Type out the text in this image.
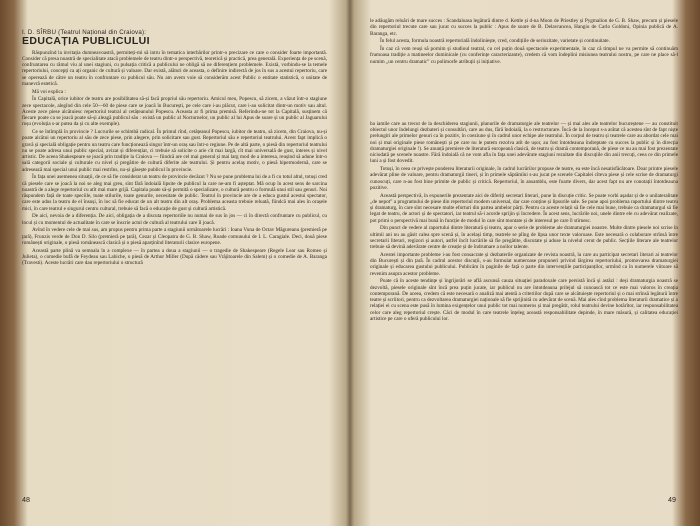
I. D. SÎRBU (Teatrul Național din Craiova):
EDUCAȚIA PUBLICULUI

Răspunzînd la invitația dumneavoastră, permiteți-mi să intru în tematica interbărilor printr-o precizare ce care o consider foarte importantă. Consider că presa noastră de specialitate atacă problemele de teatru dintr-o perspectivă, teoretică și practică, prea generală. Experiența de pe scenă, confruntarea cu rămul viu al unei stagiuni, cu pulsația critică a publicului ne obligă să ne diferențiem problemele. Există, vorbindu-se la temele repertoriului, concepți ca ați organic de cultură și valoare. Dar există, alături de aceasta, o definire indirectă de jos în sus a acestui repertoriu, care se operează de către un teatru în confruntare cu publicul său. Nu am avem voie să considerăm acest Public o entitate statistică, o unitate de manevră estetică.

Mă voi explica :

În Capitală, orice iubitor de teatru are posibilitatea să-și facă propriul său repertoriu. Amicul meu, Popescu, să zicem, a văzut într-o stagiune zece spectacole, alegînd din cele 50—60 de piese care se joacă în București, pe cele care i-au plăcut, care i-au solicitat dintr-un motiv sau altul. Aceste zece piese alcătuiesc repertoriul teatral al cetățeanului Popescu. Aceasta ar fi prima premisă. Referindu-ne tot la Capitală, susținem că fiecare poate ca se joacă poate să-și aleagă publicul său : există un public al Nocturnelor, un public al lui Apus de soare și un public al Jaguarului roșu (evoluția s-ar putea da și cu alte exemple).

Ce se întîmplă în provincie ? Lucrurile se schimbă radical. În primul rînd, cetățeanul Popescu, iubitor de teatru, să zicem, din Craiova, nu-și poate alcătui un repertoriu al său de zece piese, prin alegere, prin solicitare sau gust. Repertoriul său e repertoriul teatrului. Acest fapt implică o gravă și specială obligație pentru un teatru care funcționează singur într-un oraș sau într-o regiune. Pe de altă parte, o piesă din repertoriul teatrului nu se poate adresa unui public special, avizat și diferențiat, ci trebuie să solicite o arie cît mai largă, cît mai universală de gust, interes și nivel artistic. De aceea Shakespeare se joacă prin tradiție la Craiova — fiindcă are cel mai general și mai larg mod de a interesa, reușind să adune într-o sală categorii sociale și culturale cu nivel și pregătire de cultură diferite ale teatrului. Și pentru acelaș motiv, o piesă hipermodernă, care se adresează mai special unui public mai restrîns, nu-și găsește publicul în provincie.

În fața unei asemenea situații, de ce să fie considerat un teatru de provincie decăzut ? Nu se pune problema lui de a fi cu totul altul, totuși cred că piesele care se joacă la noi se aleg mai greu, sînt fără îndoială lipsite de publicul la care ne-am fi așteptat. Mă ocup în acest sens de sarcina noastră de a alege repertoriul cu atît mai mare grijă. Capitala poate să-și permită o specializare, o cultură pentru o formulă unui stil sau genuri. Noi răspundem față de toate speciile, toate stilurile, toate genurile, necesitate de public. Teatrul în provincie are de a educa gustul acestui spectator, care este adus la teatru de el însuși, în loc să fie educat de un alt teatru din alt oraș. Problema aceasta trebuie reluată, fiindcă mai ales în orașele mici, în care teatrul e singurul centru cultural, trebuie să facă o educație de gust și cultură artistică.

De aici, nevoia de a diferenția. De aici, obligația de a discuta repertoriile nu numai de sus în jos — ci în directă confruntare cu publicul, cu locul și cu momentul de actualitate în care se înscrie actul de cultură al teatrului care îl joacă.

Avînd în vedere cele de mai sus, am propus pentru prima parte a stagiunii următoarele lucrări : Ioana Vuna de Octav Măgureanu (premieră pe țară), Frunzis verde de Don D. Silo (premieră pe țară), Cezar și Cleopatra de G. B. Shaw, Roade comunului de I. L. Caragiale. Deci, două piese românești originale, o piesă românească clasică și o piesă aparținînd literaturii clasice europene.

Această parte plină va semnala în a complexe — în partea a doua a stagiunii — o tragedie de Shakespeare (Regele Lear sau Romeo și Julieta), o comedie bufă de Feydeau sau Labiche, o piesă de Arthur Miller (După cădere sau Vrăjitoarele din Salem) și o comedie de A. Baranga (Travesti). Aceste lucrări care dau repertoriului o structură

48

le adăugăm reluări de mare succes : Scandaloasa legătură dintre d. Kettle și d-na Moon de Priestley și Pygmalion de G. B. Shaw, precum și piesele din repertoriul trecute care sau jucat cu succes la public : Apus de soare de B. Delavrancea, Hangiu de Carlo Goldoni, Opinia publică de A. Baranga, etc.

În felul acesta, formula noastră repertorială îndoliniește, cred, condițiile de seriozitate, varietate și continuitate.

În caz că vom reuși să pornim și studioul teatral, cu cel puțin două spectacole experimentale, în caz că timpul ne va permite să continuăm frumoasa tradiție a matineelor duminicale (cu conferințe caracterizante), credem că vom îndeplini misiunea teatrului nostru, pe care ne place să-l numim „un centru dramatic” cu polimorfe atribuții și inițiative.

ba iamile care au trecut de la deschiderea stagiunii, planurile de dramaturgie ale teatrelor — și mai ales ale teatrelor bucureștene — au constituit obiectul unor îndelungi dezbateri și consultări, care au dus, fără îndoială, la o restructurare. Încă de la început s-a arătat că acestea sînt de fapt niște prelungiri ale primelor genuri ca în pozitiv, în coeziune și în cadrul unor echipe ale teatrului. În corpul de teatru și teatrele care au abordat cele mai noi și mai originale piese românești și pe care nu le putem rezolva atît de ușor, au fost întotdeauna îndreptate cu succes la public și în direcția dramaturgiei originale !). Se anunță premiere de literatură europeană clasică, de teatru și dramă contemporană, de piese ce nu au mai fost prezentate niciodată pe scenele noastre. Fără îndoială că ne vom afla în fața unei adevărate stagiuni rezultate din discuțiile din anii trecuți, ceea ce din primele luni a și fost dovedit.

Totuși, în ceea ce privește ponderea literaturii originale, în cadrul lucrărilor propuse de teatre, ea este încă nesatisfăcătoare. Doar printre piesele adevărat pline de valoare, pentru dramaturgii tineri, și în primele săptămîni s-au jucat pe scenele Capitalei cîteva piese și cele scrise de dramaturgi cunoscuți, care n-au fost bine primite de public și critică. Repertoriul, în ansamblu, este foarte divers, dar acest fapt nu are conotații întotdeauna pozitive.

Această perspectivă, în expunerile prezentate aici de diferiți secretari literari, pune în discuție critic. Se poate vorbi așadar și de o unilateralitate „de nepot” a programului de piese din repertoriul modern universal, dar care conține și lipsurile sale. Se pune apoi problema raportului dintre teatru și dramaturg, în care sînt necesare multe eforturi din partea ambelor părți. Pentru ca aceste relații să fie cele mai bune, trebuie ca dramaturgul să fie legat de teatru, de actori și de spectatori, iar teatrul să-i acorde sprijin și încredere. În acest sens, lucrările noi, unele dintre ele cu adevărat realizate, pot primi o perspectivă mai bună în funcție de modul în care sînt montate și de interesul pe care îl stîrnesc.

Din punct de vedere al raportului dintre literatură și teatru, apar o serie de probleme ale dramaturgiei noastre. Multe dintre piesele noi scrise în ultimii ani nu au găsit calea spre scenă și, în același timp, teatrele se plîng de lipsa unor texte valoroase. Este necesară o colaborare strînsă între secretarii literari, regizori și autori, astfel încît lucrările să fie pregătite, discutate și aduse la nivelul cerut de public. Secțiile literare ale teatrelor trebuie să devină adevărate centre de creație și de îndrumare a noilor talente.

Acestei importante probleme i-au fost consacrate și dezbaterile organizate de revista noastră, la care au participat secretari literari ai teatrelor din București și din țară. În cadrul acestor discuții, s-au formulat numeroase propuneri privind lărgirea repertoriului, promovarea dramaturgiei originale și educarea gustului publicului. Publicăm în paginile de față o parte din intervențiile participanților, urmînd ca în numerele viitoare să revenim asupra acestor probleme.

Poate că în aceste tendințe și îngrijorări se află ascunsă cauza situației paradoxale care persistă încă și astăzi : deși dramaturgia noastră se dezvoltă, piesele originale sînt încă prea puțin jucate, iar publicul nu are întotdeauna prilejul să cunoască tot ce este mai valoros în creația contemporană. De aceea, credem că este necesară o analiză mai atentă a criteriilor după care se alcătuiește repertoriul și o mai strînsă legătură între teatre și scriitori, pentru ca dezvoltarea dramaturgiei naționale să fie sprijinită cu adevărat de scenă. Mai ales cînd problema literaturii dramatice și a relației ei cu scena este pusă în lumina exigențelor unui public tot mai numeros și mai pregătit, rolul teatrului devine hotărîtor, iar responsabilitatea celor care aleg repertoriul crește. Căci de modul în care teatrele înțeleg această responsabilitate depinde, în mare măsură, și calitatea educației artistice pe care o oferă publicului lor.

49
